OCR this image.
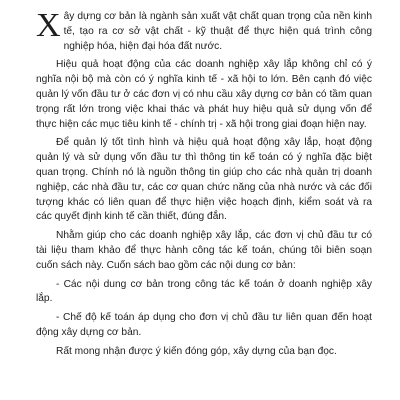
Xây dựng cơ bản là ngành sản xuất vật chất quan trọng của nền kinh tế, tạo ra cơ sở vật chất - kỹ thuật để thực hiện quá trình công nghiệp hóa, hiện đại hóa đất nước.

Hiệu quả hoạt động của các doanh nghiệp xây lắp không chỉ có ý nghĩa nội bộ mà còn có ý nghĩa kinh tế - xã hội to lớn. Bên cạnh đó việc quản lý vốn đầu tư ở các đơn vị có nhu cầu xây dựng cơ bản có tầm quan trọng rất lớn trong việc khai thác và phát huy hiệu quả sử dụng vốn để thực hiện các mục tiêu kinh tế - chính trị - xã hội trong giai đoạn hiện nay.

Để quản lý tốt tình hình và hiệu quả hoạt động xây lắp, hoạt động quản lý và sử dụng vốn đầu tư thì thông tin kế toán có ý nghĩa đặc biệt quan trọng. Chính nó là nguồn thông tin giúp cho các nhà quản trị doanh nghiệp, các nhà đầu tư, các cơ quan chức năng của nhà nước và các đối tượng khác có liên quan để thực hiện việc hoạch định, kiểm soát và ra các quyết định kinh tế cần thiết, đúng đắn.

Nhằm giúp cho các doanh nghiệp xây lắp, các đơn vị chủ đầu tư có tài liệu tham khảo để thực hành công tác kế toán, chúng tôi biên soạn cuốn sách này. Cuốn sách bao gồm các nội dung cơ bản:

- Các nội dung cơ bản trong công tác kế toán ở doanh nghiệp xây lắp.

- Chế độ kế toán áp dụng cho đơn vị chủ đầu tư liên quan đến hoạt động xây dựng cơ bản.

Rất mong nhận được ý kiến đóng góp, xây dựng của bạn đọc.
